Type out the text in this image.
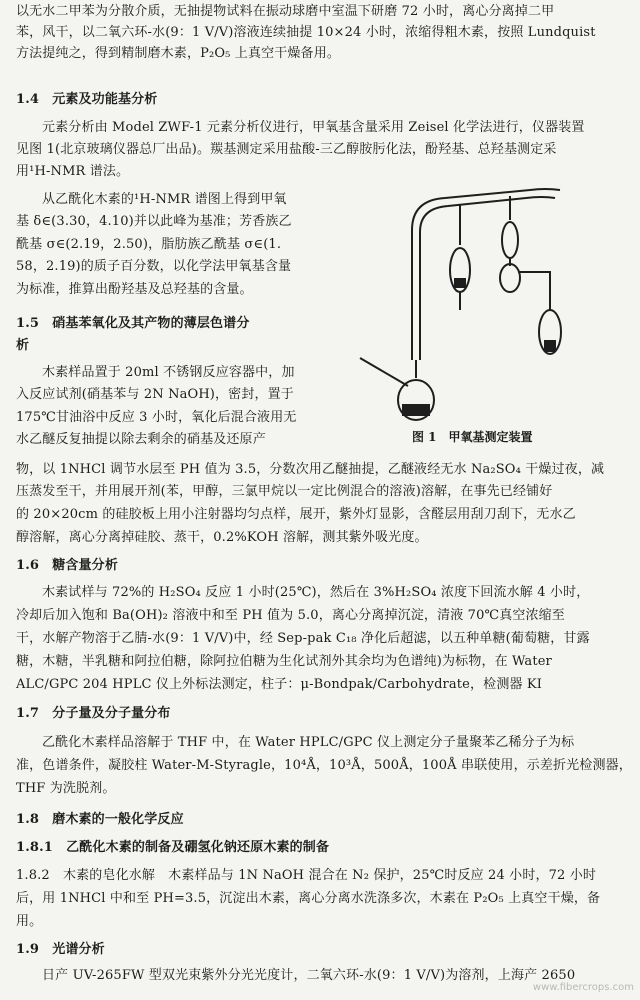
以无水二甲苯为分散介质，无抽提物试料在振动球磨中室温下研磨 72 小时，离心分离掉二甲
苯，风干，以二氧六环-水(9：1 V/V)溶液连续抽提 10×24 小时，浓缩得粗木素，按照 Lundquist
方法提纯之，得到精制磨木素，P₂O₅ 上真空干燥备用。
1.4　元素及功能基分析
元素分析由 Model ZWF-1 元素分析仪进行，甲氧基含量采用 Zeisel 化学法进行，仪器装置
见图 1(北京玻璃仪器总厂出品)。羰基测定采用盐酸-三乙醇胺肟化法，酚羟基、总羟基测定采
用¹H-NMR 谱法。
从乙酰化木素的¹H-NMR 谱图上得到甲氧
基 δ∈(3.30，4.10)并以此峰为基准；芳香族乙
酰基 σ∈(2.19，2.50)，脂肪族乙酰基 σ∈(1.
58，2.19)的质子百分数，以化学法甲氧基含量
为标准，推算出酚羟基及总羟基的含量。
1.5　硝基苯氧化及其产物的薄层色谱分
析
木素样品置于 20ml 不锈钢反应容器中，加
入反应试剂(硝基苯与 2N NaOH)，密封，置于
175℃甘油浴中反应 3 小时，氧化后混合液用无
水乙醚反复抽提以除去剩余的硝基及还原产
物，以 1NHCl 调节水层至 PH 值为 3.5，分数次用乙醚抽提，乙醚液经无水 Na₂SO₄ 干燥过夜，减
压蒸发至干，并用展开剂(苯，甲醇，三氯甲烷以一定比例混合的溶液)溶解，在事先已经铺好
的 20×20cm 的硅胶板上用小注射器均匀点样，展开，紫外灯显影，含醛层用刮刀刮下，无水乙
醇溶解，离心分离掉硅胶、蒸干，0.2%KOH 溶解，测其紫外吸光度。
1.6　糖含量分析
木素试样与 72%的 H₂SO₄ 反应 1 小时(25℃)，然后在 3%H₂SO₄ 浓度下回流水解 4 小时，
冷却后加入饱和 Ba(OH)₂ 溶液中和至 PH 值为 5.0，离心分离掉沉淀，清液 70℃真空浓缩至
干，水解产物溶于乙腈-水(9：1 V/V)中，经 Sep-pak C₁₈ 净化后超滤，以五种单糖(葡萄糖，甘露
糖，木糖，半乳糖和阿拉伯糖，除阿拉伯糖为生化试剂外其余均为色谱纯)为标物，在 Water
ALC/GPC 204 HPLC 仪上外标法测定，柱子：μ-Bondpak/Carbohydrate，检测器 KI
1.7　分子量及分子量分布
乙酰化木素样品溶解于 THF 中，在 Water HPLC/GPC 仪上测定分子量聚苯乙稀分子为标
准，色谱条件，凝胶柱 Water-M-Styragle，10⁴Å，10³Å，500Å，100Å 串联使用，示差折光检测器，
THF 为洗脱剂。
1.8　磨木素的一般化学反应
1.8.1　乙酰化木素的制备及硼氢化钠还原木素的制备
1.8.2　木素的皂化水解　木素样品与 1N NaOH 混合在 N₂ 保护，25℃时反应 24 小时，72 小时
后，用 1NHCl 中和至 PH=3.5，沉淀出木素，离心分离水洗涤多次，木素在 P₂O₅ 上真空干燥，备
用。
1.9　光谱分析
日产 UV-265FW 型双光束紫外分光光度计，二氧六环-水(9：1 V/V)为溶剂，上海产 2650
图 1　甲氧基测定装置
www.fibercrops.com
